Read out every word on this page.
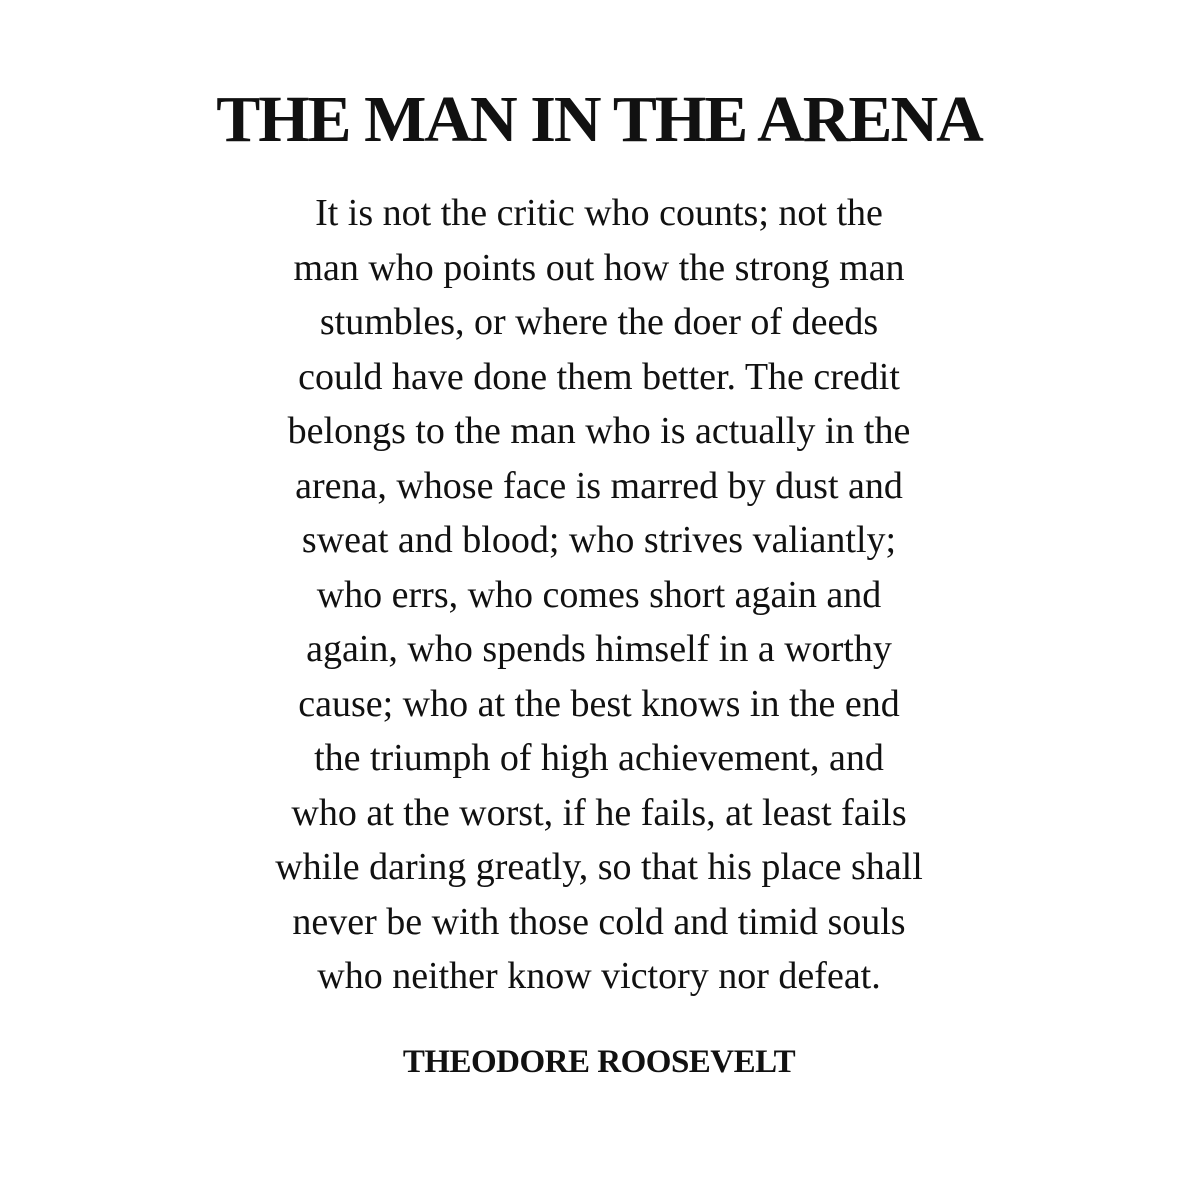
THE MAN IN THE ARENA
It is not the critic who counts; not the
man who points out how the strong man
stumbles, or where the doer of deeds
could have done them better. The credit
belongs to the man who is actually in the
arena, whose face is marred by dust and
sweat and blood; who strives valiantly;
who errs, who comes short again and
again, who spends himself in a worthy
cause; who at the best knows in the end
the triumph of high achievement, and
who at the worst, if he fails, at least fails
while daring greatly, so that his place shall
never be with those cold and timid souls
who neither know victory nor defeat.
THEODORE ROOSEVELT
